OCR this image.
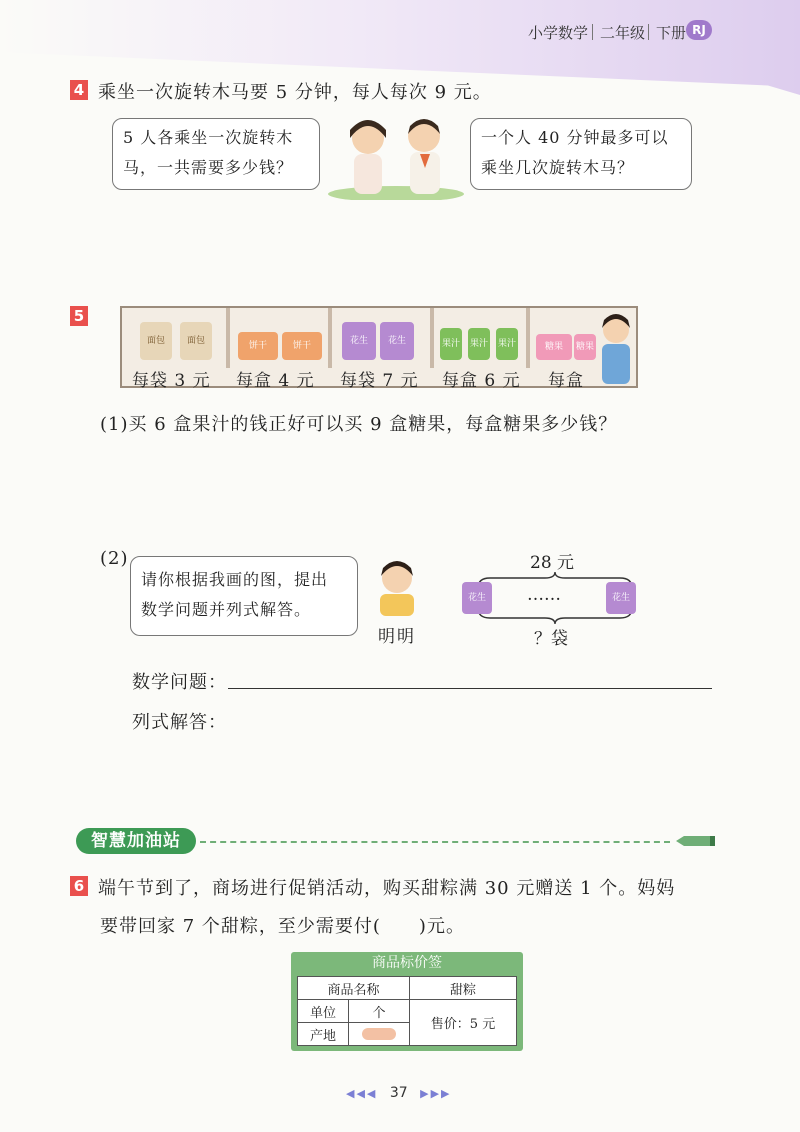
小学数学 二年级 下册 RJ
4 乘坐一次旋转木马要 5 分钟，每人每次 9 元。
5 人各乘坐一次旋转木
马，一共需要多少钱？
一个人 40 分钟最多可以
乘坐几次旋转木马？
5
面包	面包	饼干	饼干	花生	花生	果汁 果汁 果汁	糖果	糖果
每袋 3 元 每盒 4 元 每袋 7 元 每盒 6 元 每盒
(1)买 6 盒果汁的钱正好可以买 9 盒糖果，每盒糖果多少钱？
(2)
请你根据我画的图，提出
数学问题并列式解答。
明明
28 元
花生	……	花生
？袋
数学问题：
列式解答：
智慧加油站
6 端午节到了，商场进行促销活动，购买甜粽满 30 元赠送 1 个。妈妈
要带回家 7 个甜粽，至少需要付(　　)元。
商品标价签
商品名称		甜粽
单位	个	售价：5 元
产地		
◀◀◀ 37 ▶▶▶
